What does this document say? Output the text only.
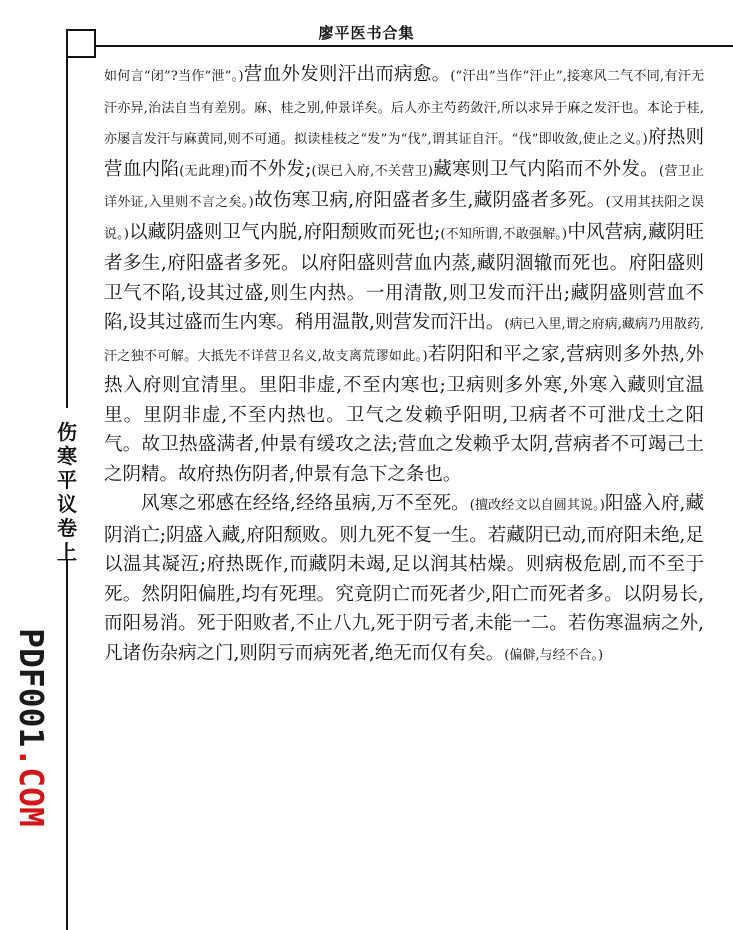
廖平医书合集
伤
寒
平
议
卷
上
PDF001.COM

如何言“闭”?当作“泄”。)营血外发则汗出而病愈。(“汗出”当作“汗止”,接寒风二气不同,有汗无汗亦异,治法自当有差别。麻、桂之别,仲景详矣。后人亦主芍药敛汗,所以求异于麻之发汗也。本论于桂,亦屡言发汗与麻黄同,则不可通。拟读桂枝之“发”为“伐”,谓其证自汗。“伐”即收敛,使止之义。)府热则营血内陷(无此理)而不外发;(误已入府,不关营卫)藏寒则卫气内陷而不外发。(营卫止详外证,入里则不言之矣。)故伤寒卫病,府阳盛者多生,藏阴盛者多死。(又用其扶阳之误说。)以藏阴盛则卫气内脱,府阳颓败而死也;(不知所谓,不敢强解。)中风营病,藏阴旺者多生,府阳盛者多死。以府阳盛则营血内蒸,藏阴涸辙而死也。府阳盛则卫气不陷,设其过盛,则生内热。一用清散,则卫发而汗出;藏阴盛则营血不陷,设其过盛而生内寒。稍用温散,则营发而汗出。(病已入里,谓之府病,藏病乃用散药,汗之独不可解。大抵先不详营卫名义,故支离荒谬如此。)若阴阳和平之家,营病则多外热,外热入府则宜清里。里阳非虚,不至内寒也;卫病则多外寒,外寒入藏则宜温里。里阴非虚,不至内热也。卫气之发赖乎阳明,卫病者不可泄戊土之阳气。故卫热盛满者,仲景有缓攻之法;营血之发赖乎太阴,营病者不可竭己土之阴精。故府热伤阴者,仲景有急下之条也。

风寒之邪感在经络,经络虽病,万不至死。(擅改经文以自圆其说。)阳盛入府,藏阴消亡;阴盛入藏,府阳颓败。则九死不复一生。若藏阴已动,而府阳未绝,足以温其凝沍;府热既作,而藏阴未竭,足以润其枯燥。则病极危剧,而不至于死。然阴阳偏胜,均有死理。究竟阴亡而死者少,阳亡而死者多。以阴易长,而阳易消。死于阳败者,不止八九,死于阴亏者,未能一二。若伤寒温病之外,凡诸伤杂病之门,则阴亏而病死者,绝无而仅有矣。(偏僻,与经不合。)
